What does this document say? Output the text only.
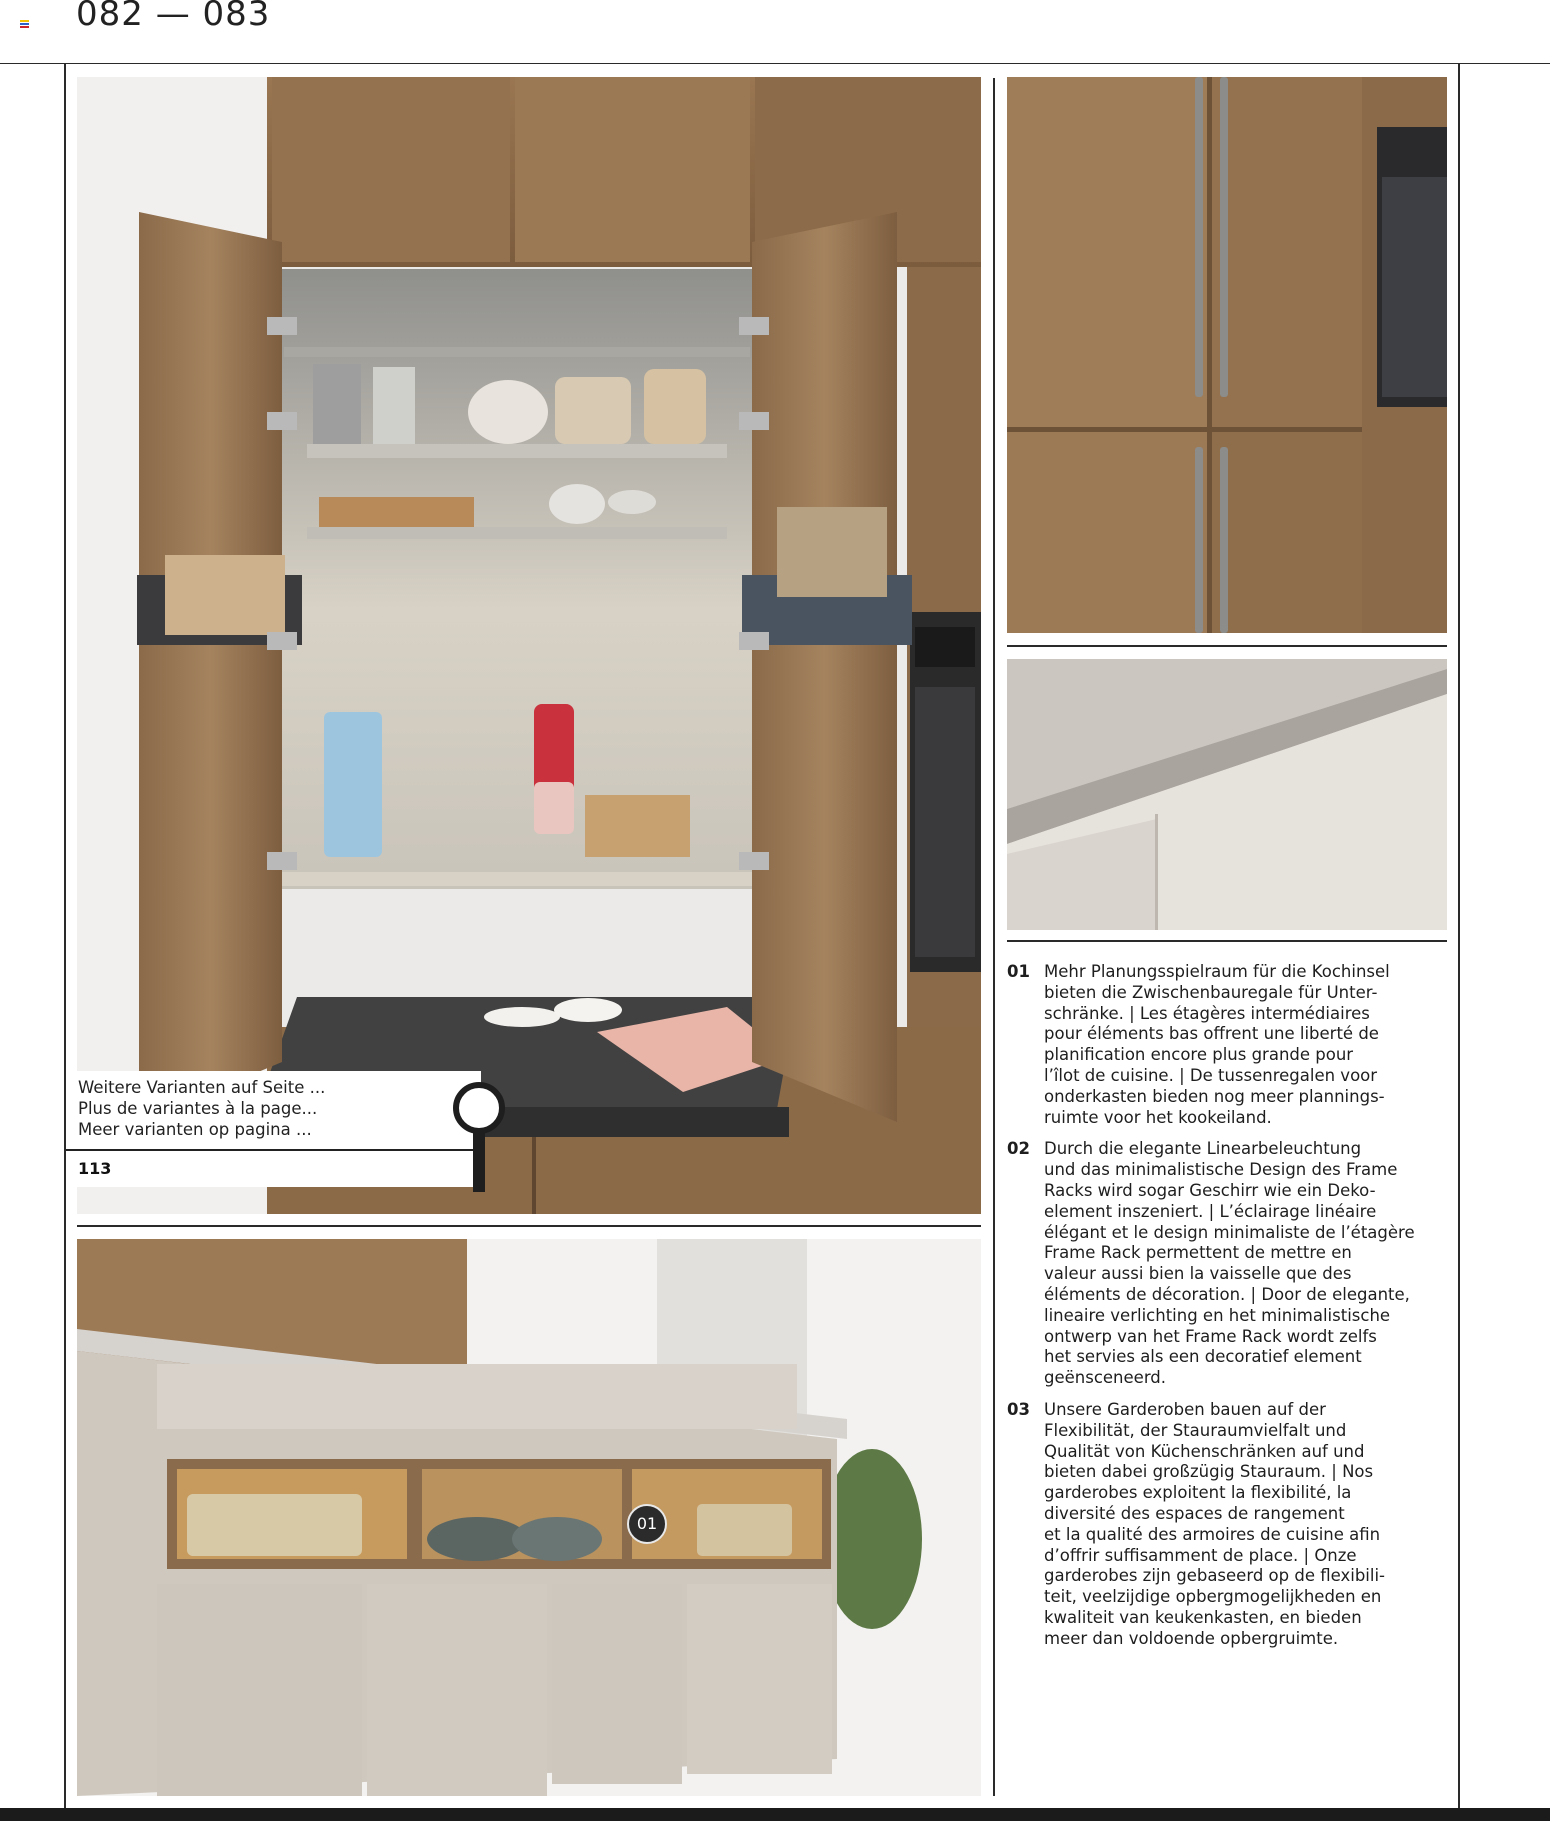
082 — 083
Weitere Varianten auf Seite ...
Plus de variantes à la page...
Meer varianten op pagina ...
113
01
01 Mehr Planungsspielraum für die Kochinsel
bieten die Zwischenbauregale für Unter-
schränke. | Les étagères intermédiaires
pour éléments bas offrent une liberté de
planification encore plus grande pour
l’îlot de cuisine. | De tussenregalen voor
onderkasten bieden nog meer plannings-
ruimte voor het kookeiland.
02 Durch die elegante Linearbeleuchtung
und das minimalistische Design des Frame
Racks wird sogar Geschirr wie ein Deko-
element inszeniert. | L’éclairage linéaire
élégant et le design minimaliste de l’étagère
Frame Rack permettent de mettre en
valeur aussi bien la vaisselle que des
éléments de décoration. | Door de elegante,
lineaire verlichting en het minimalistische
ontwerp van het Frame Rack wordt zelfs
het servies als een decoratief element
geënsceneerd.
03 Unsere Garderoben bauen auf der
Flexibilität, der Stauraumvielfalt und
Qualität von Küchenschränken auf und
bieten dabei großzügig Stauraum. | Nos
garderobes exploitent la flexibilité, la
diversité des espaces de rangement
et la qualité des armoires de cuisine afin
d’offrir suffisamment de place. | Onze
garderobes zijn gebaseerd op de flexibili-
teit, veelzijdige opbergmogelijkheden en
kwaliteit van keukenkasten, en bieden
meer dan voldoende opbergruimte.
